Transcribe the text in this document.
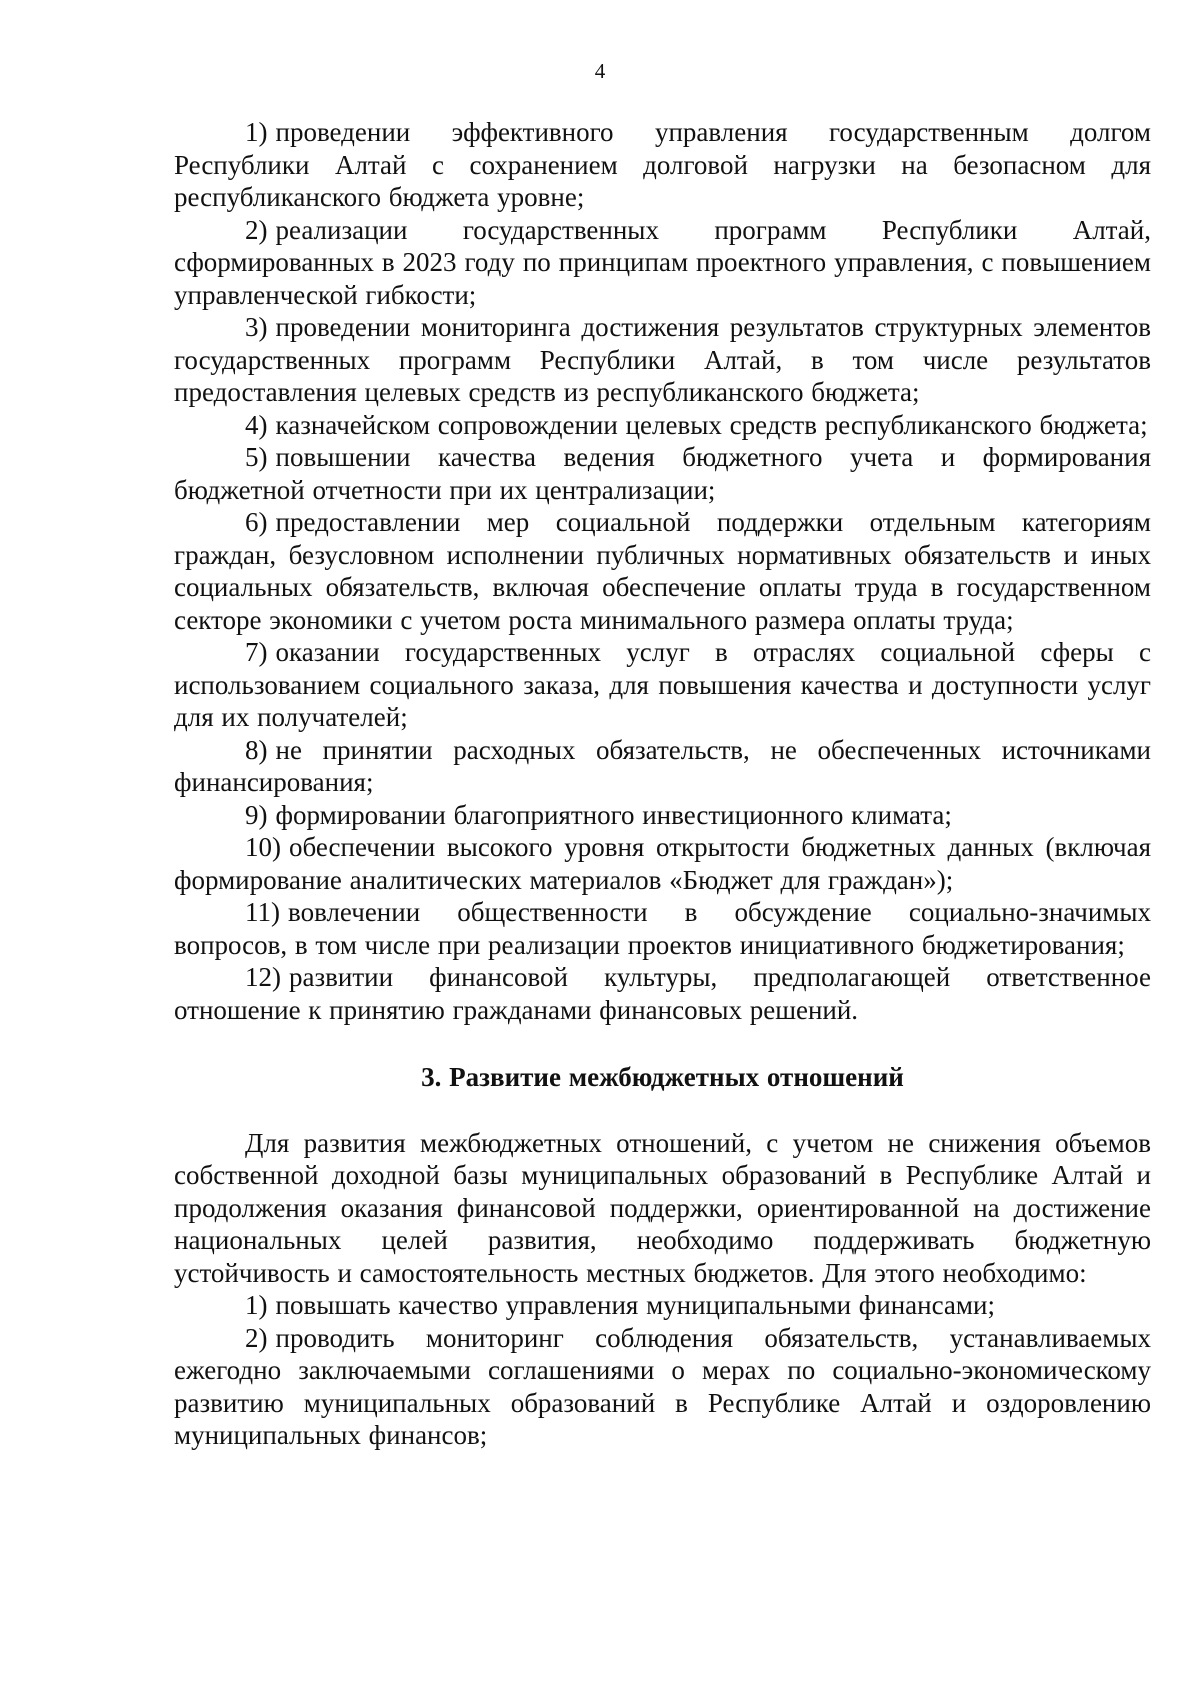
4

1) проведении эффективного управления государственным долгом Республики Алтай с сохранением долговой нагрузки на безопасном для республиканского бюджета уровне;

2) реализации государственных программ Республики Алтай, сформированных в 2023 году по принципам проектного управления, с повышением управленческой гибкости;

3) проведении мониторинга достижения результатов структурных элементов государственных программ Республики Алтай, в том числе результатов предоставления целевых средств из республиканского бюджета;

4) казначейском сопровождении целевых средств республиканского бюджета;

5) повышении качества ведения бюджетного учета и формирования бюджетной отчетности при их централизации;

6) предоставлении мер социальной поддержки отдельным категориям граждан, безусловном исполнении публичных нормативных обязательств и иных социальных обязательств, включая обеспечение оплаты труда в государственном секторе экономики с учетом роста минимального размера оплаты труда;

7) оказании государственных услуг в отраслях социальной сферы с использованием социального заказа, для повышения качества и доступности услуг для их получателей;

8) не принятии расходных обязательств, не обеспеченных источниками финансирования;

9) формировании благоприятного инвестиционного климата;

10) обеспечении высокого уровня открытости бюджетных данных (включая формирование аналитических материалов «Бюджет для граждан»);

11) вовлечении общественности в обсуждение социально-значимых вопросов, в том числе при реализации проектов инициативного бюджетирования;

12) развитии финансовой культуры, предполагающей ответственное отношение к принятию гражданами финансовых решений.

3. Развитие межбюджетных отношений

Для развития межбюджетных отношений, с учетом не снижения объемов собственной доходной базы муниципальных образований в Республике Алтай и продолжения оказания финансовой поддержки, ориентированной на достижение национальных целей развития, необходимо поддерживать бюджетную устойчивость и самостоятельность местных бюджетов. Для этого необходимо:

1) повышать качество управления муниципальными финансами;

2) проводить мониторинг соблюдения обязательств, устанавливаемых ежегодно заключаемыми соглашениями о мерах по социально-экономическому развитию муниципальных образований в Республике Алтай и оздоровлению муниципальных финансов;
